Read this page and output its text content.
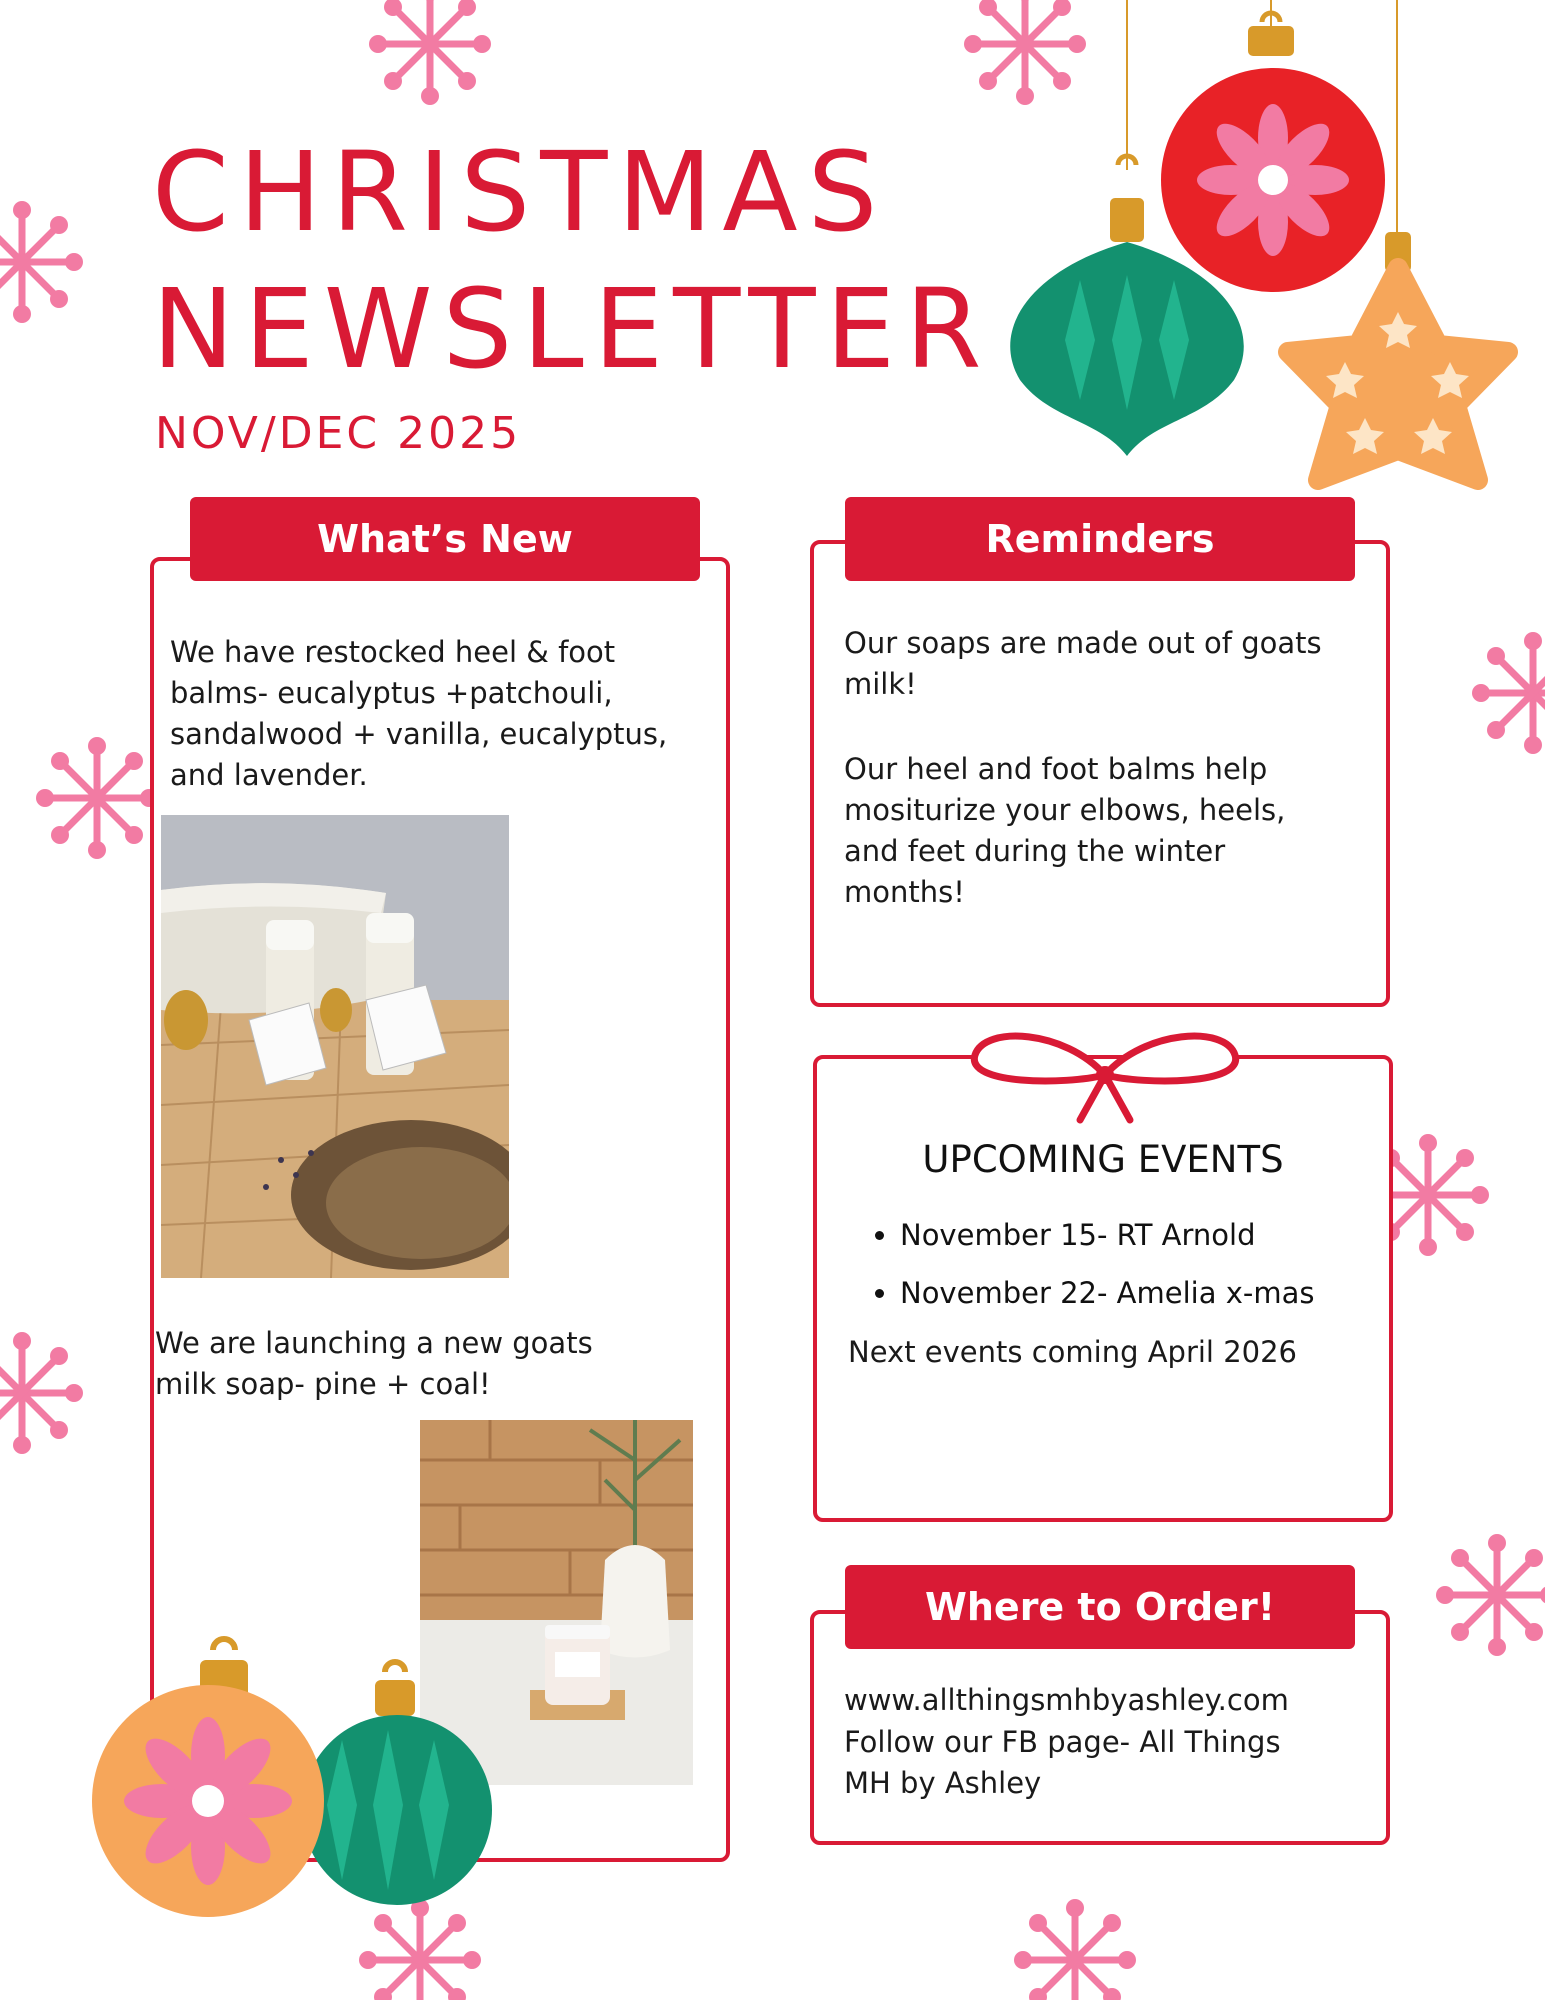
CHRISTMAS
NEWSLETTER
NOV/DEC 2025
What’s New
We have restocked heel & foot balms- eucalyptus +patchouli, sandalwood + vanilla, eucalyptus, and lavender.
We are launching a new goats milk soap- pine + coal!
Reminders
Our soaps are made out of goats milk!
Our heel and foot balms help mositurize your elbows, heels, and feet during the winter months!
UPCOMING EVENTS
• November 15- RT Arnold
• November 22- Amelia x-mas
Next events coming April 2026
Where to Order!
www.allthingsmhbyashley.com
Follow our FB page- All Things MH by Ashley
